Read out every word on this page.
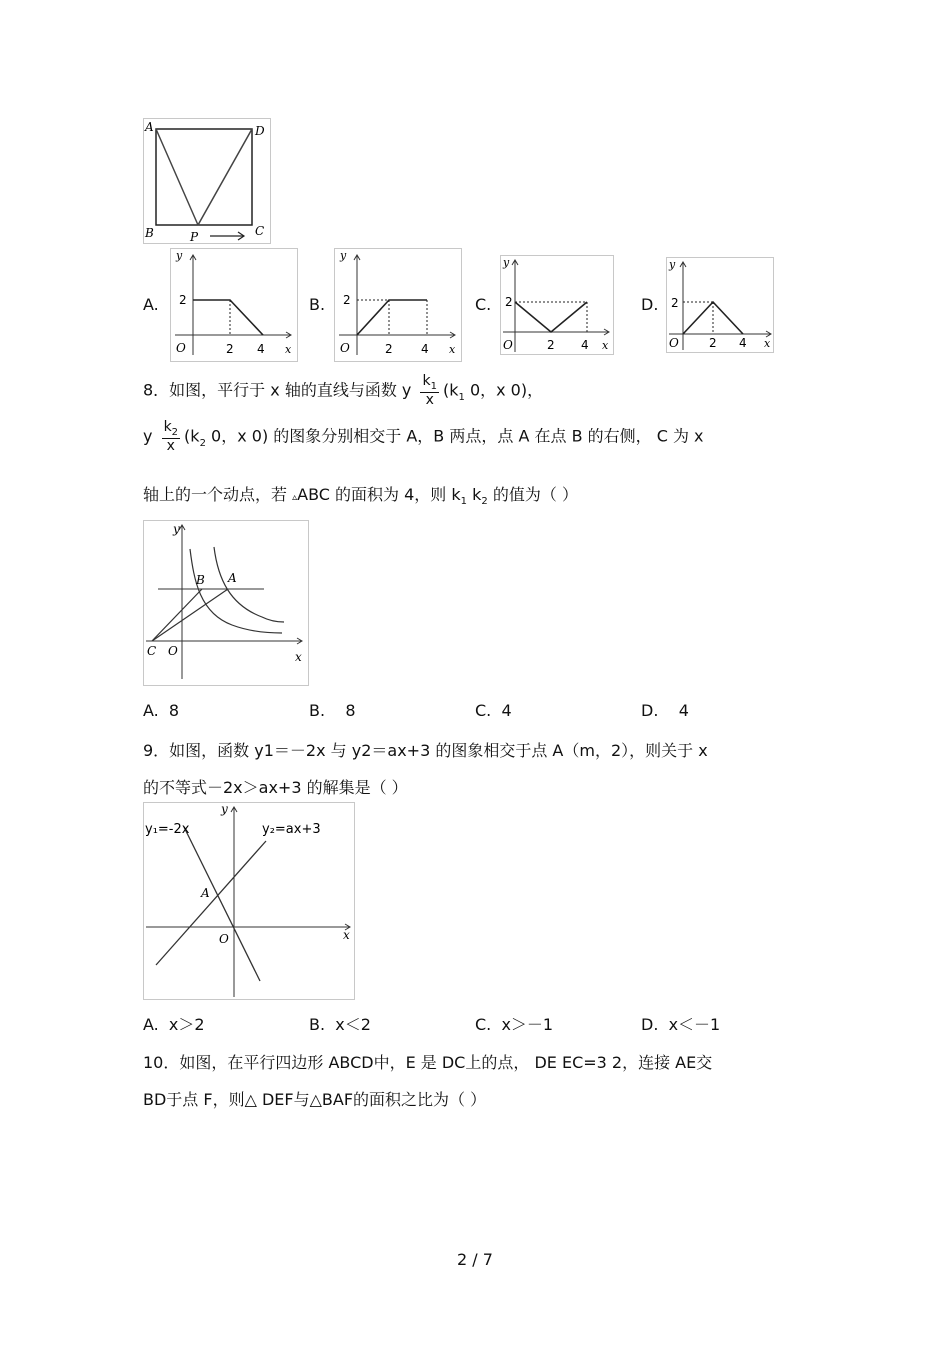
A	D
B	C
P
A.
y
2
O	2 4 x
B.
y
2
O	2 4 x
C.
y
2
O	2 4 x
D.
y
2
O	2 4 x
8．如图，平行于 x 轴的直线与函数 y $\frac{k_1}{x} (k_1$ 0，x 0)，
y $\frac{k_2}{x} (k_2$ 0，x 0) 的图象分别相交于 A，B 两点，点 A 在点 B 的右侧， C 为 x
轴上的一个动点，若 ▵ABC 的面积为 4，则 $k_1$ $k_2$ 的值为（ ）
y
x
B A
C O
A. 8	B. 8	C. 4	D. 4
9．如图，函数 y1＝－2x 与 y2＝ax+3 的图象相交于点 A（m，2），则关于 x
的不等式－2x＞ax+3 的解集是（ ）
y₁=-2x	y₂=ax+3
y
x
A
O
A. x＞2	B. x＜2	C. x＞－1	D. x＜－1
10．如图，在平行四边形 ABCD中，E 是 DC上的点， DE EC=3 2，连接 AE交
BD于点 F，则△ DEF与△BAF的面积之比为（ ）
2 / 7
